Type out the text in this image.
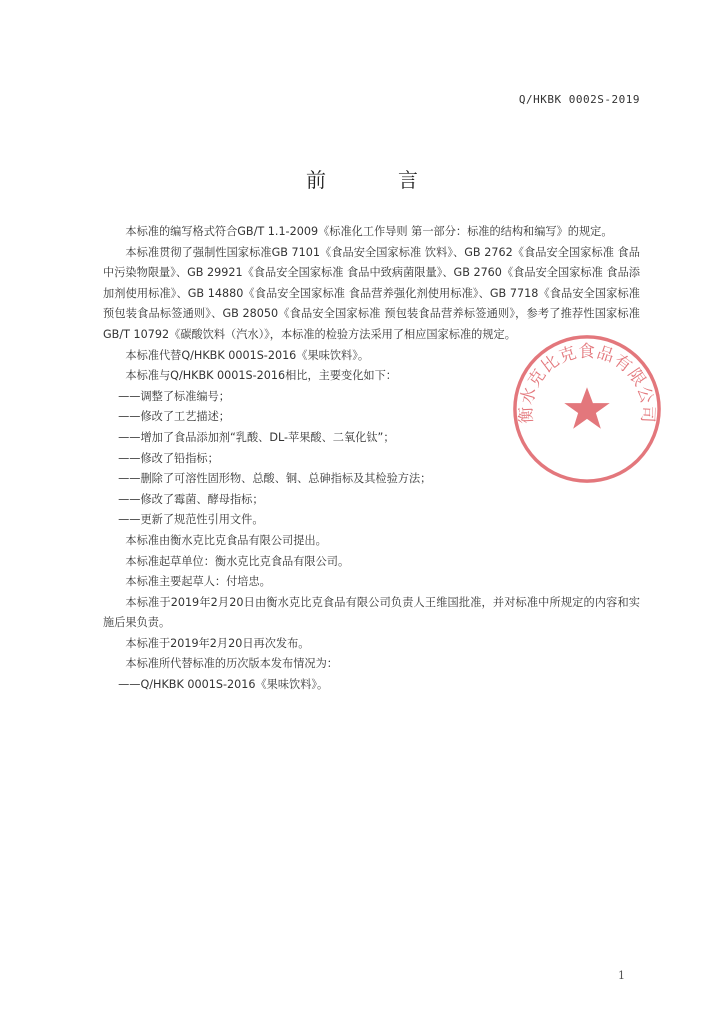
Q/HKBK 0002S-2019
前言

本标准的编写格式符合GB/T 1.1-2009《标准化工作导则 第一部分：标准的结构和编写》的规定。

本标准贯彻了强制性国家标准GB 7101《食品安全国家标准 饮料》、GB 2762《食品安全国家标准 食品中污染物限量》、GB 29921《食品安全国家标准 食品中致病菌限量》、GB 2760《食品安全国家标准 食品添加剂使用标准》、GB 14880《食品安全国家标准 食品营养强化剂使用标准》、GB 7718《食品安全国家标准 预包装食品标签通则》、GB 28050《食品安全国家标准 预包装食品营养标签通则》，参考了推荐性国家标准GB/T 10792《碳酸饮料（汽水）》，本标准的检验方法采用了相应国家标准的规定。

本标准代替Q/HKBK 0001S-2016《果味饮料》。

本标准与Q/HKBK 0001S-2016相比，主要变化如下：

——调整了标准编号；

——修改了工艺描述；

——增加了食品添加剂“乳酸、DL-苹果酸、二氧化钛”；

——修改了铅指标；

——删除了可溶性固形物、总酸、铜、总砷指标及其检验方法；

——修改了霉菌、酵母指标；

——更新了规范性引用文件。

本标准由衡水克比克食品有限公司提出。

本标准起草单位：衡水克比克食品有限公司。

本标准主要起草人：付培忠。

本标准于2019年2月20日由衡水克比克食品有限公司负责人王维国批准，并对标准中所规定的内容和实施后果负责。

本标准于2019年2月20日再次发布。

本标准所代替标准的历次版本发布情况为：

——Q/HKBK 0001S-2016《果味饮料》。

衡水克比克食品有限公司
1
